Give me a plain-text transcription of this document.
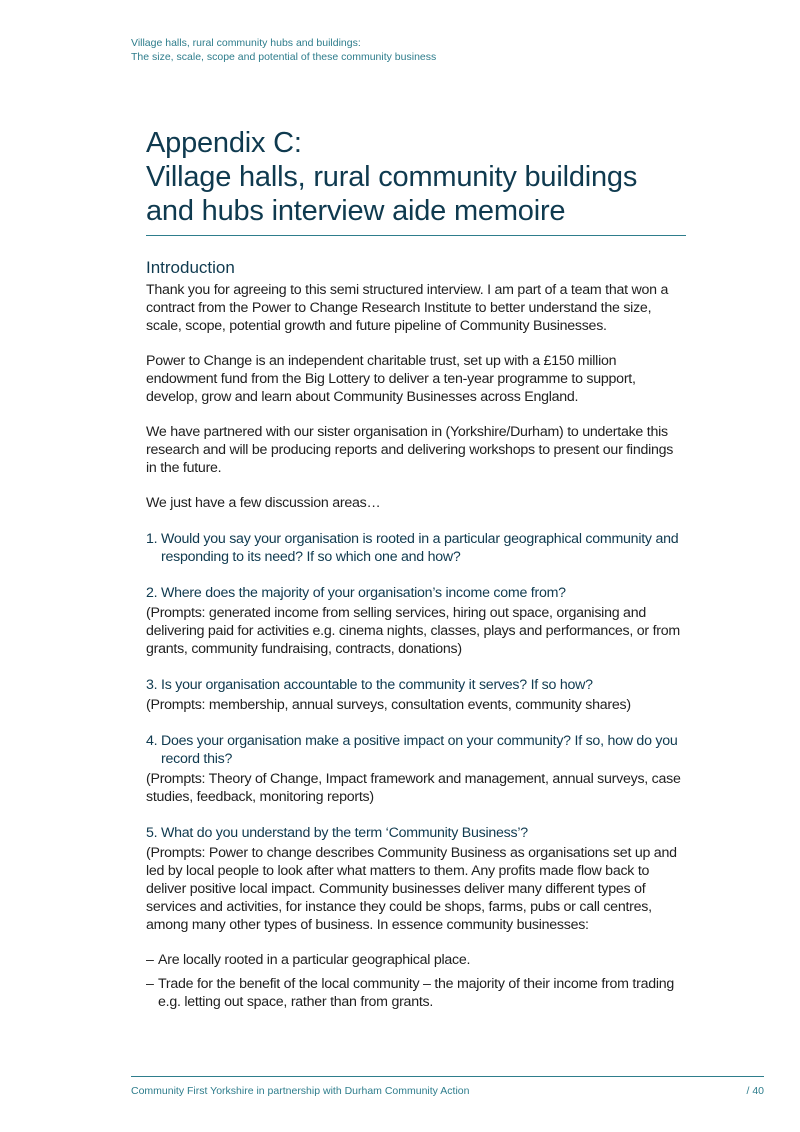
Village halls, rural community hubs and buildings:
The size, scale, scope and potential of these community business
Appendix C:
Village halls, rural community buildings
and hubs interview aide memoire
Introduction

Thank you for agreeing to this semi structured interview. I am part of a team that won a contract from the Power to Change Research Institute to better understand the size, scale, scope, potential growth and future pipeline of Community Businesses.

Power to Change is an independent charitable trust, set up with a £150 million endowment fund from the Big Lottery to deliver a ten-year programme to support, develop, grow and learn about Community Businesses across England.

We have partnered with our sister organisation in (Yorkshire/Durham) to undertake this research and will be producing reports and delivering workshops to present our findings in the future.

We just have a few discussion areas…

1. Would you say your organisation is rooted in a particular geographical community and responding to its need? If so which one and how?
2. Where does the majority of your organisation’s income come from?

(Prompts: generated income from selling services, hiring out space, organising and delivering paid for activities e.g. cinema nights, classes, plays and performances, or from grants, community fundraising, contracts, donations)

3. Is your organisation accountable to the community it serves? If so how?

(Prompts: membership, annual surveys, consultation events, community shares)

4. Does your organisation make a positive impact on your community? If so, how do you record this?

(Prompts: Theory of Change, Impact framework and management, annual surveys, case studies, feedback, monitoring reports)

5. What do you understand by the term ‘Community Business’?

(Prompts: Power to change describes Community Business as organisations set up and led by local people to look after what matters to them. Any profits made flow back to deliver positive local impact. Community businesses deliver many different types of services and activities, for instance they could be shops, farms, pubs or call centres, among many other types of business. In essence community businesses:

– Are locally rooted in a particular geographical place.
– Trade for the benefit of the local community – the majority of their income from trading e.g. letting out space, rather than from grants.
Community First Yorkshire in partnership with Durham Community Action	/ 40
